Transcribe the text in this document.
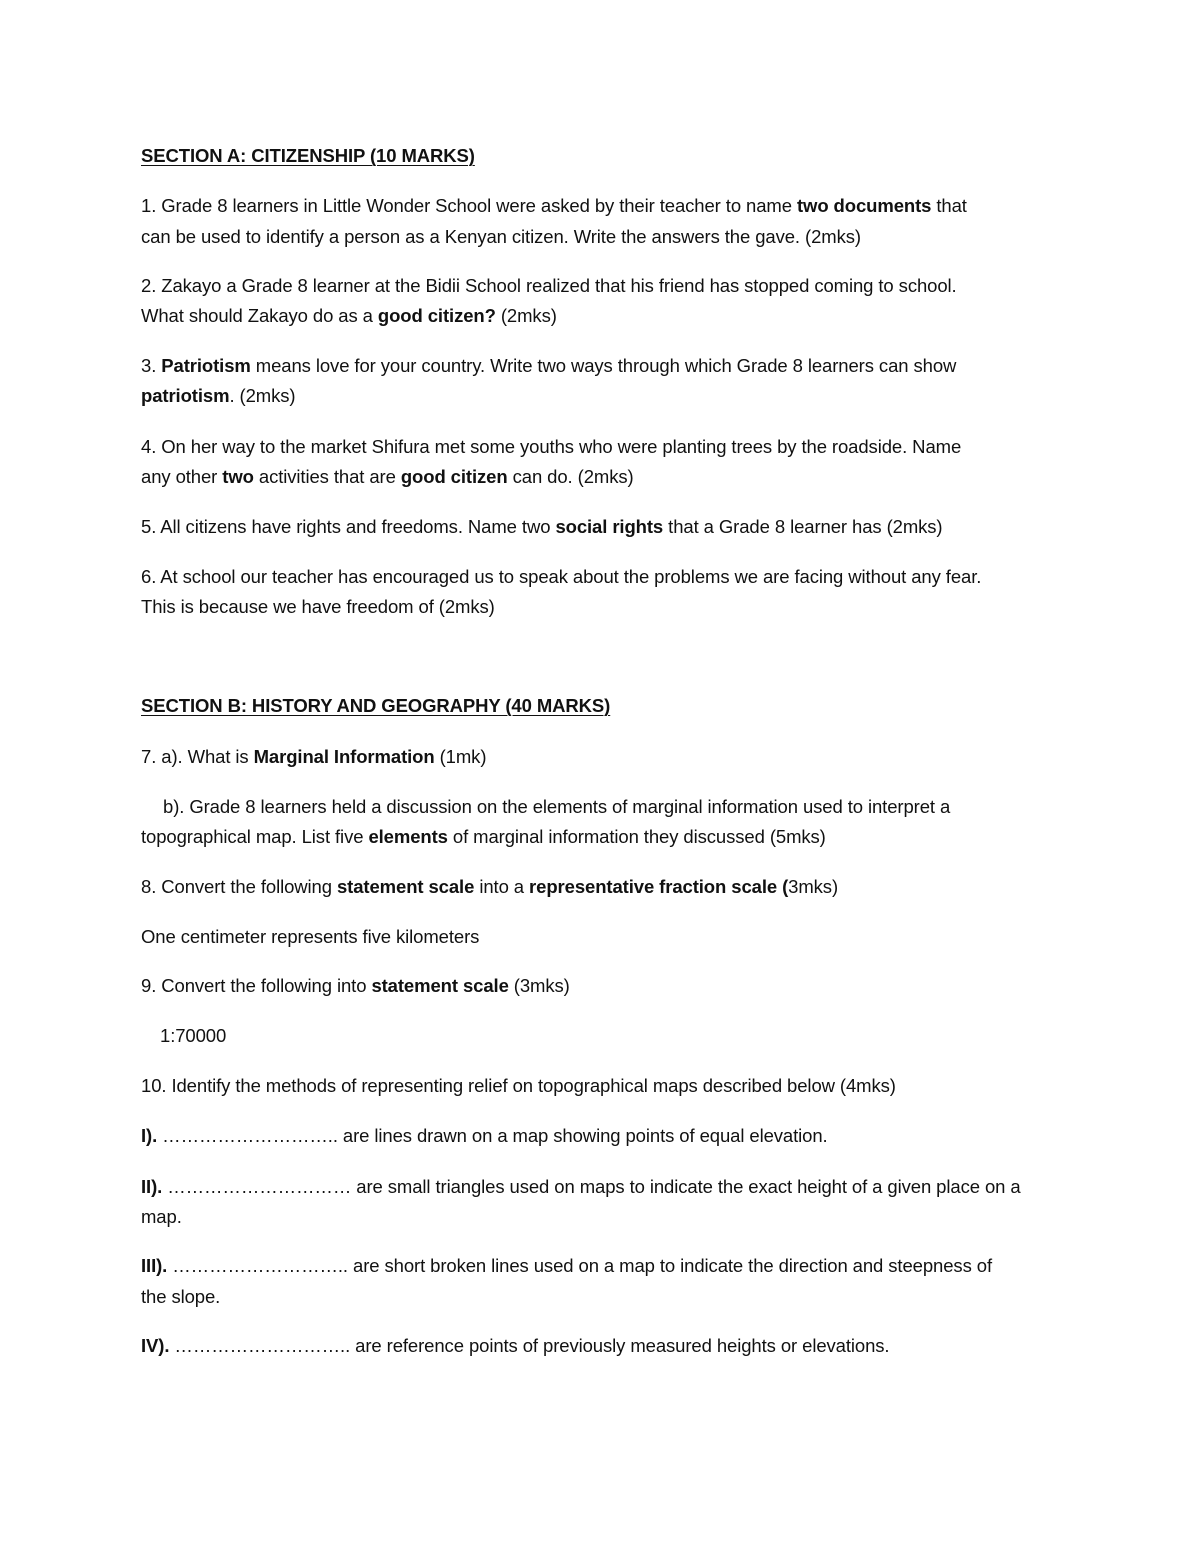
SECTION A: CITIZENSHIP (10 MARKS)
1. Grade 8 learners in Little Wonder School were asked by their teacher to name two documents that
can be used to identify a person as a Kenyan citizen. Write the answers the gave. (2mks)
2. Zakayo a Grade 8 learner at the Bidii School realized that his friend has stopped coming to school.
What should Zakayo do as a good citizen? (2mks)
3. Patriotism means love for your country. Write two ways through which Grade 8 learners can show
patriotism. (2mks)
4. On her way to the market Shifura met some youths who were planting trees by the roadside. Name
any other two activities that are good citizen can do. (2mks)
5. All citizens have rights and freedoms. Name two social rights that a Grade 8 learner has (2mks)
6. At school our teacher has encouraged us to speak about the problems we are facing without any fear.
This is because we have freedom of (2mks)
SECTION B: HISTORY AND GEOGRAPHY (40 MARKS)
7. a). What is Marginal Information (1mk)
b). Grade 8 learners held a discussion on the elements of marginal information used to interpret a
topographical map. List five elements of marginal information they discussed (5mks)
8. Convert the following statement scale into a representative fraction scale (3mks)
One centimeter represents five kilometers
9. Convert the following into statement scale (3mks)
1:70000
10. Identify the methods of representing relief on topographical maps described below (4mks)
I). ……………………….. are lines drawn on a map showing points of equal elevation.
II). ………………………… are small triangles used on maps to indicate the exact height of a given place on a
map.
III). ……………………….. are short broken lines used on a map to indicate the direction and steepness of
the slope.
IV). ……………………….. are reference points of previously measured heights or elevations.
